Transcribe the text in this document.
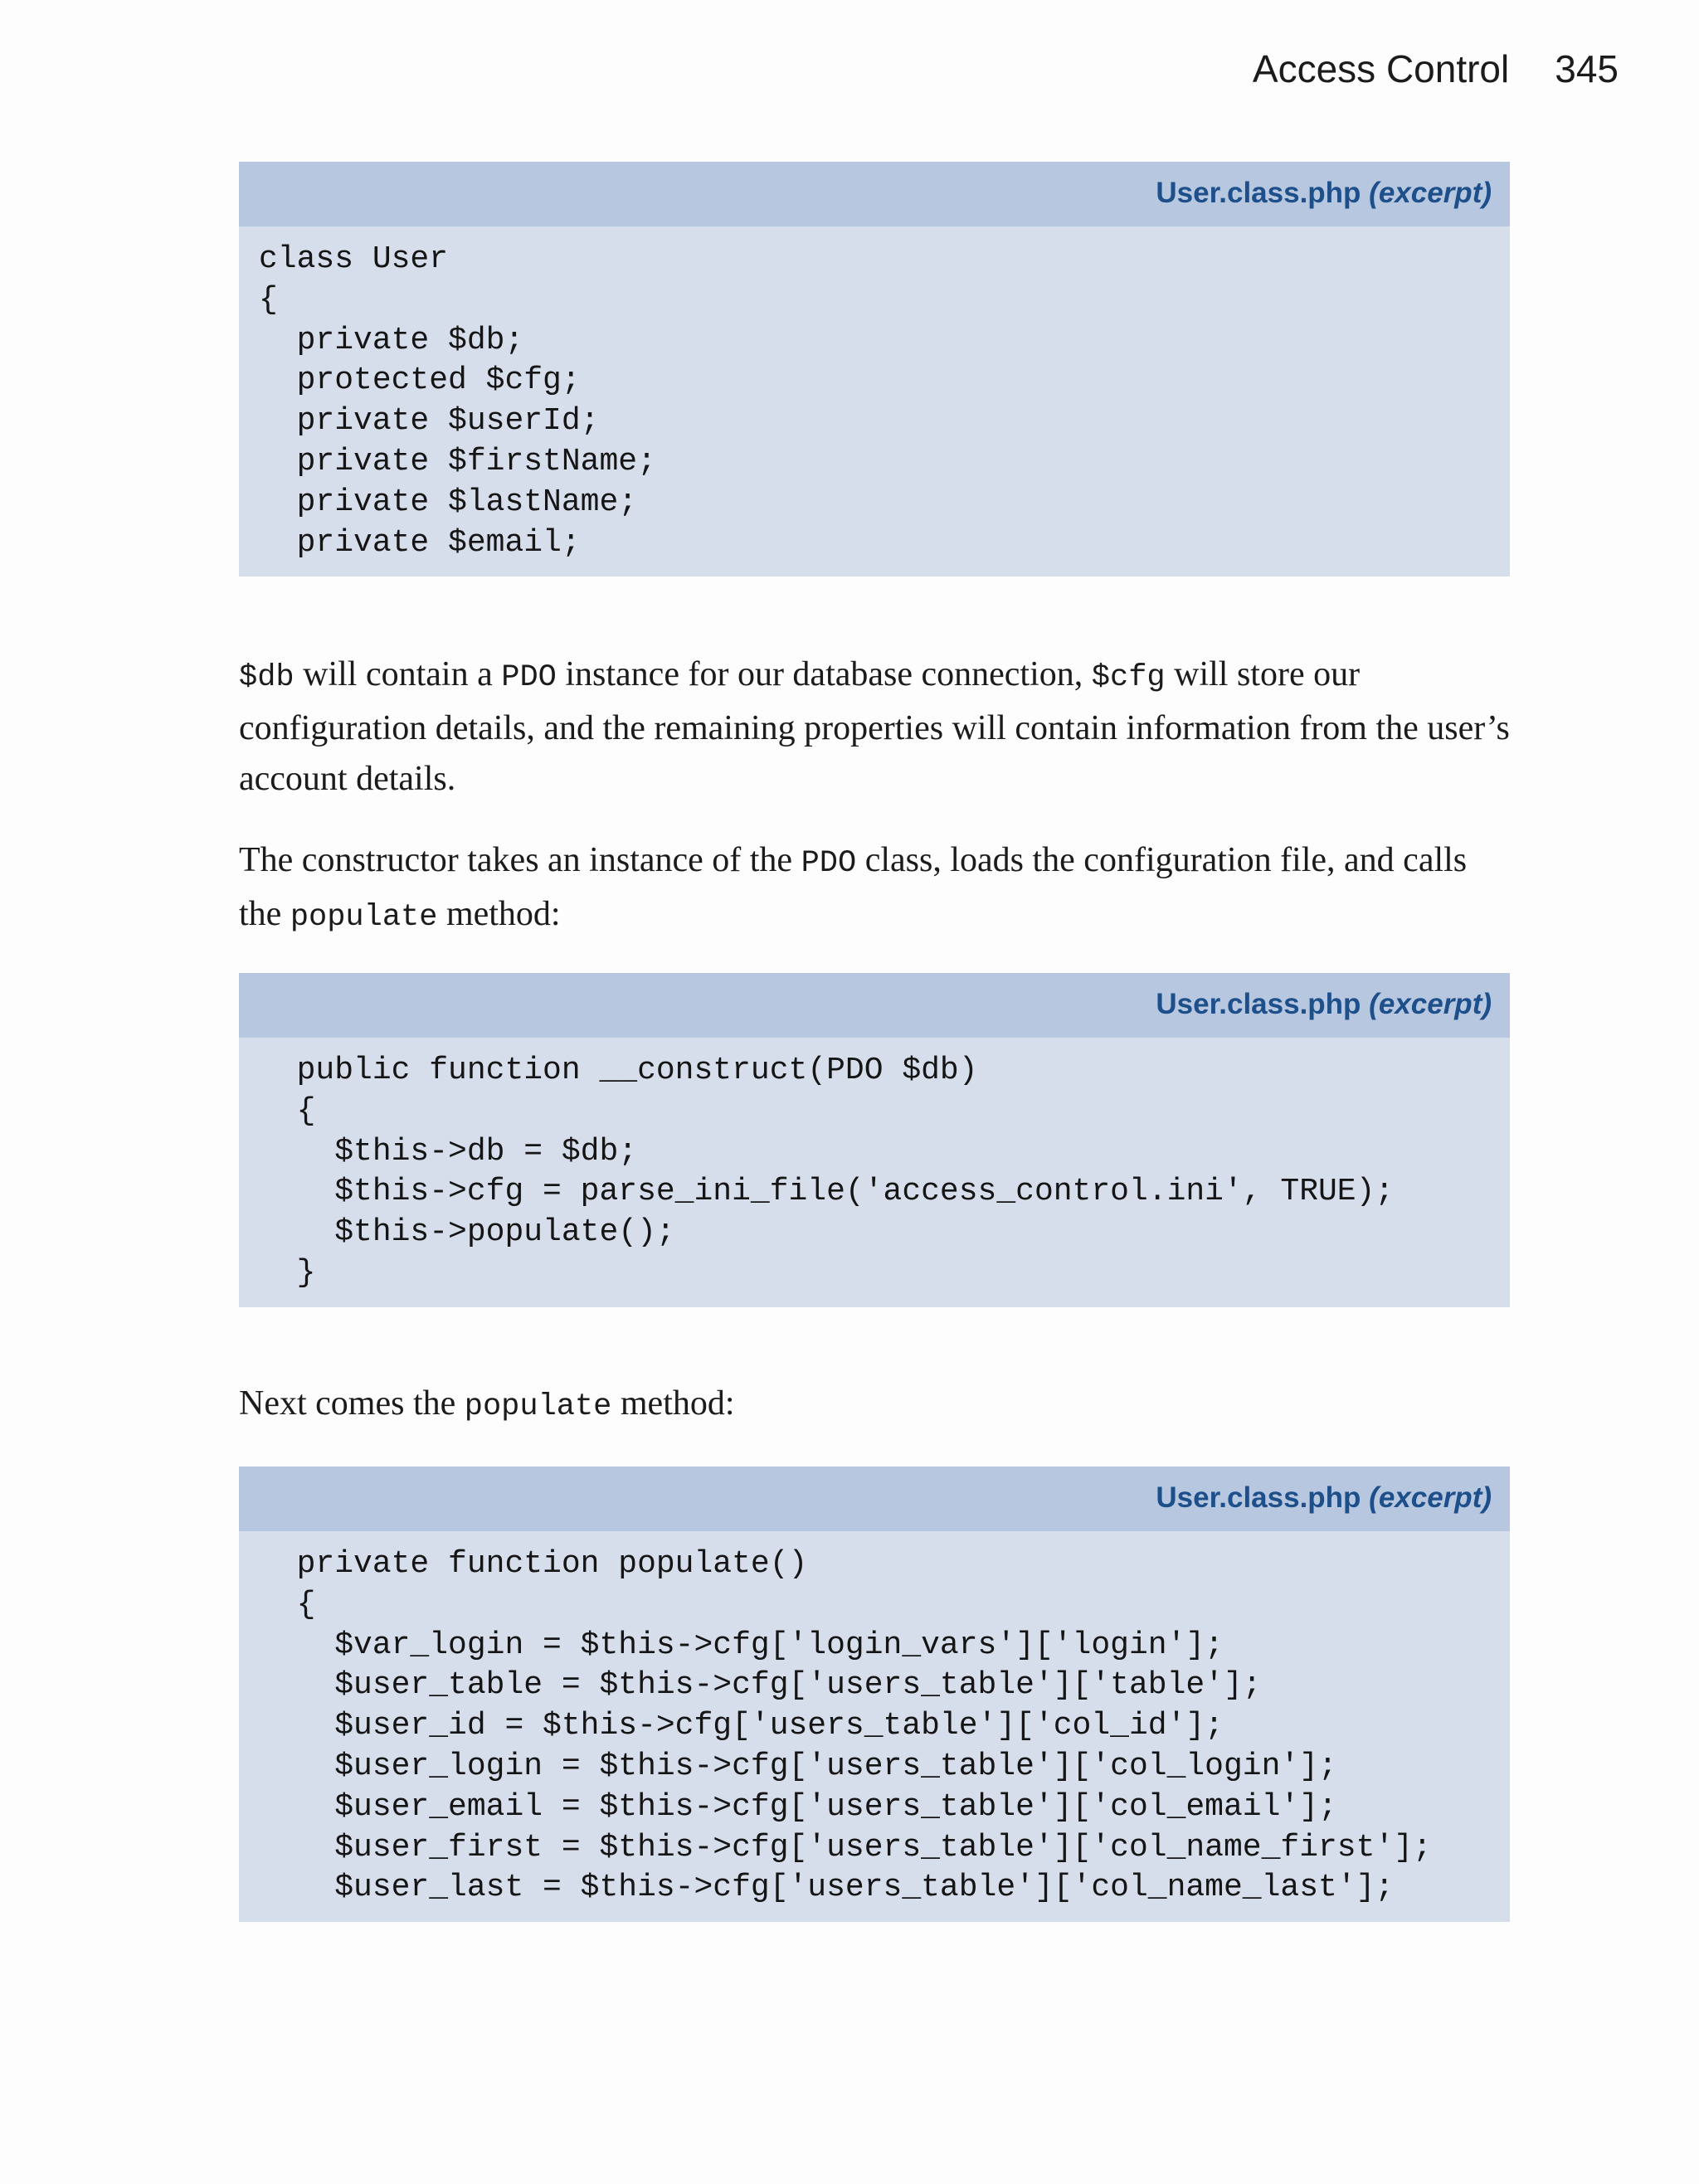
Access Control 345
User.class.php (excerpt)
class User
{
private $db;
protected $cfg;
private $userId;
private $firstName;
private $lastName;
private $email;

$db will contain a PDO instance for our database connection, $cfg will store our configuration details, and the remaining properties will contain information from the user’s account details.

The constructor takes an instance of the PDO class, loads the configuration file, and calls the populate method:

User.class.php (excerpt)
public function __construct(PDO $db)
{
$this->db = $db;
$this->cfg = parse_ini_file('access_control.ini', TRUE);
$this->populate();
}

Next comes the populate method:

User.class.php (excerpt)
private function populate()
{
$var_login = $this->cfg['login_vars']['login'];
$user_table = $this->cfg['users_table']['table'];
$user_id = $this->cfg['users_table']['col_id'];
$user_login = $this->cfg['users_table']['col_login'];
$user_email = $this->cfg['users_table']['col_email'];
$user_first = $this->cfg['users_table']['col_name_first'];
$user_last = $this->cfg['users_table']['col_name_last'];
